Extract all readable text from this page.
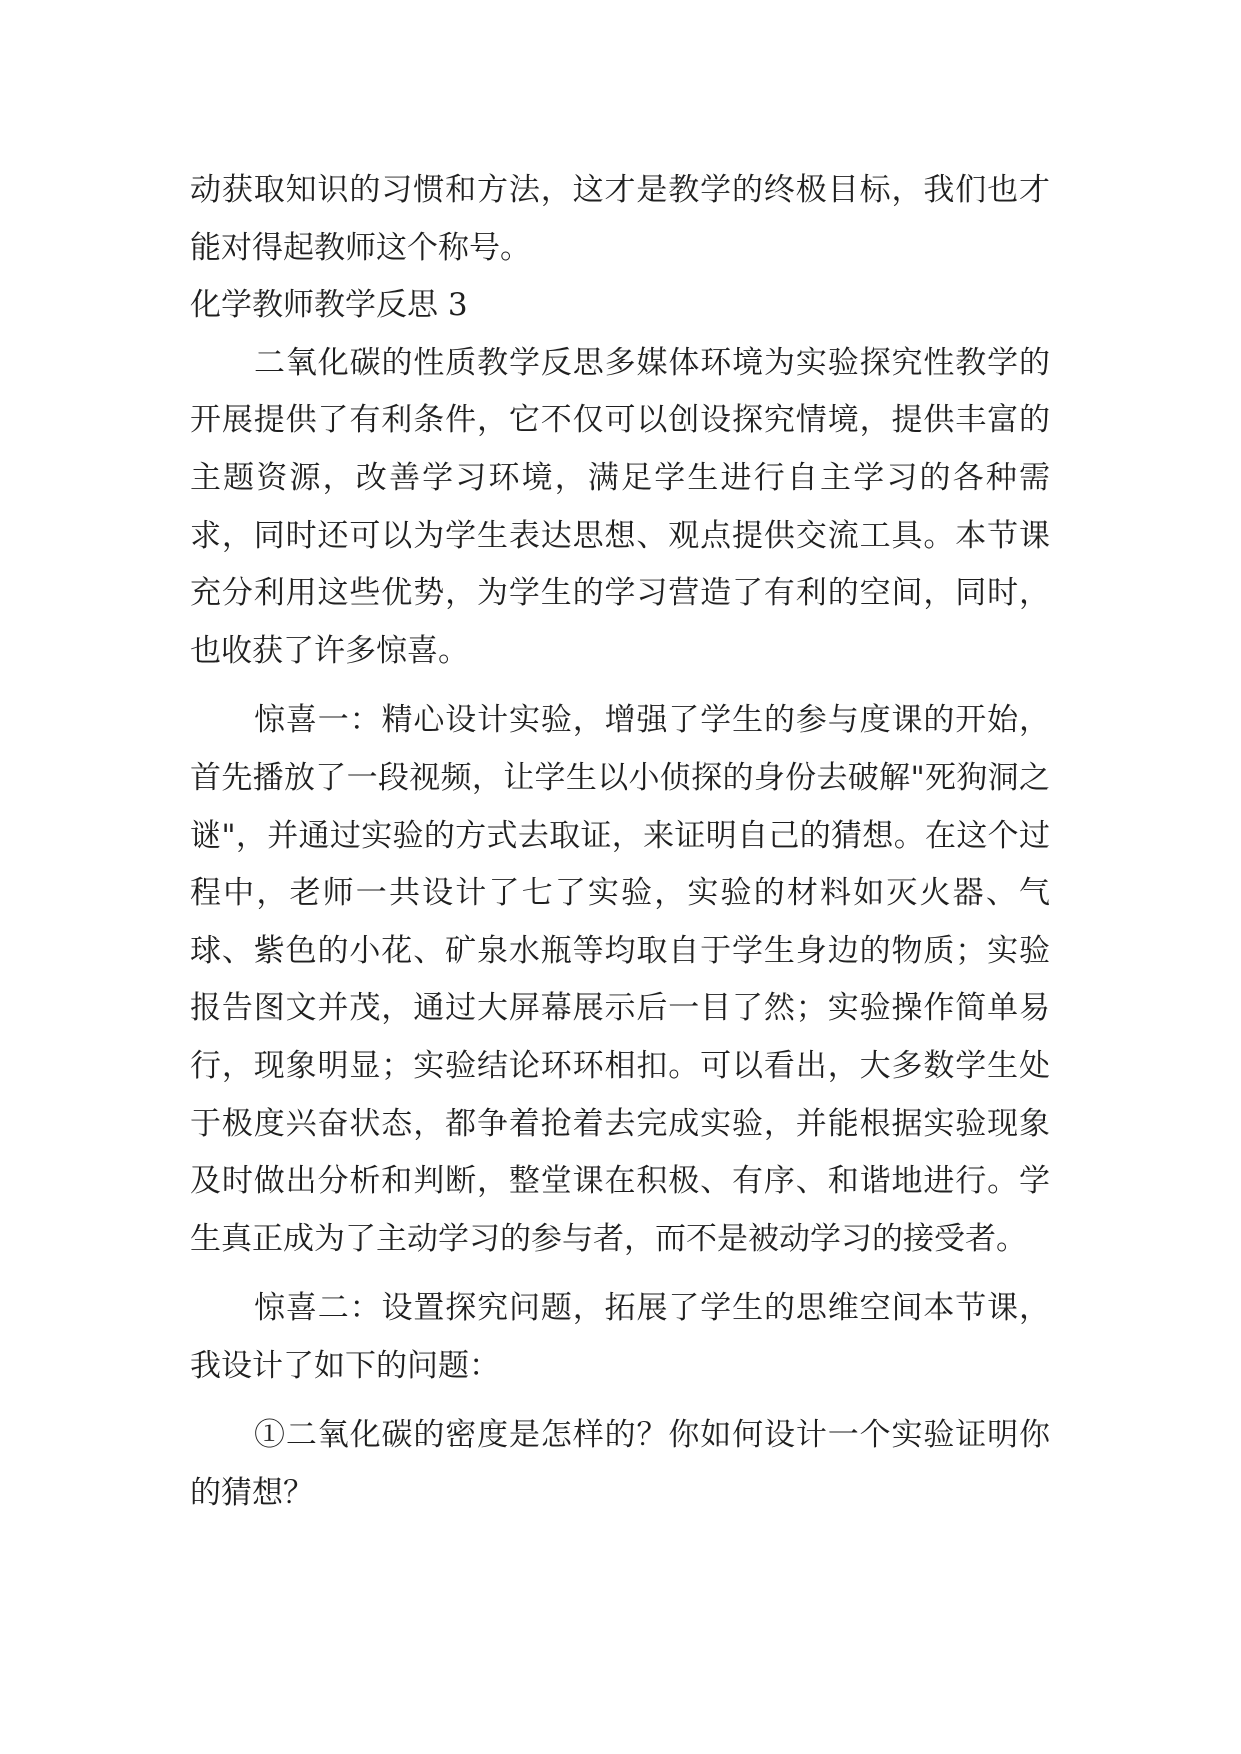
动获取知识的习惯和方法，这才是教学的终极目标，我们也才能对得起教师这个称号。

化学教师教学反思 3

二氧化碳的性质教学反思多媒体环境为实验探究性教学的开展提供了有利条件，它不仅可以创设探究情境，提供丰富的主题资源，改善学习环境，满足学生进行自主学习的各种需求，同时还可以为学生表达思想、观点提供交流工具。本节课充分利用这些优势，为学生的学习营造了有利的空间，同时，也收获了许多惊喜。

惊喜一：精心设计实验，增强了学生的参与度课的开始，首先播放了一段视频，让学生以小侦探的身份去破解"死狗洞之谜"，并通过实验的方式去取证，来证明自己的猜想。在这个过程中，老师一共设计了七了实验，实验的材料如灭火器、气球、紫色的小花、矿泉水瓶等均取自于学生身边的物质；实验报告图文并茂，通过大屏幕展示后一目了然；实验操作简单易行，现象明显；实验结论环环相扣。可以看出，大多数学生处于极度兴奋状态，都争着抢着去完成实验，并能根据实验现象及时做出分析和判断，整堂课在积极、有序、和谐地进行。学生真正成为了主动学习的参与者，而不是被动学习的接受者。

惊喜二：设置探究问题，拓展了学生的思维空间本节课，我设计了如下的问题：

①二氧化碳的密度是怎样的？你如何设计一个实验证明你的猜想？
